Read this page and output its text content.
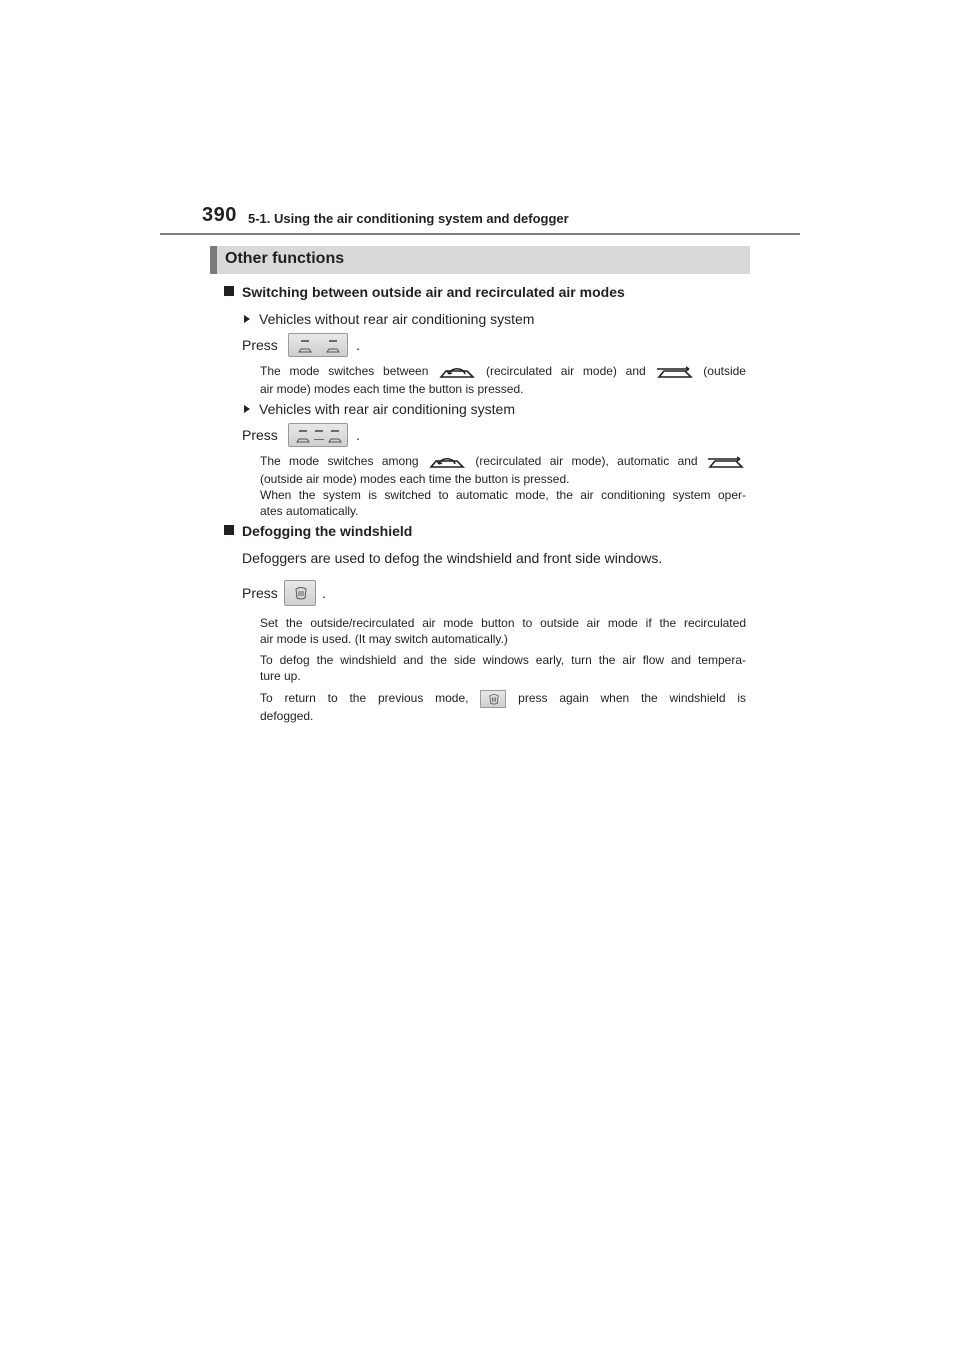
390 5-1. Using the air conditioning system and defogger
Other functions
Switching between outside air and recirculated air modes
Vehicles without rear air conditioning system
Press	.
The mode switches between	(recirculated air mode) and	(outside
air mode) modes each time the button is pressed.
Vehicles with rear air conditioning system
Press	.
The mode switches among	(recirculated air mode), automatic and
(outside air mode) modes each time the button is pressed.
When the system is switched to automatic mode, the air conditioning system oper-
ates automatically.
Defogging the windshield
Defoggers are used to defog the windshield and front side windows.
Press	.
Set the outside/recirculated air mode button to outside air mode if the recirculated
air mode is used. (It may switch automatically.)
To defog the windshield and the side windows early, turn the air flow and tempera-
ture up.
To return to the previous mode,	press again when the windshield is
defogged.
